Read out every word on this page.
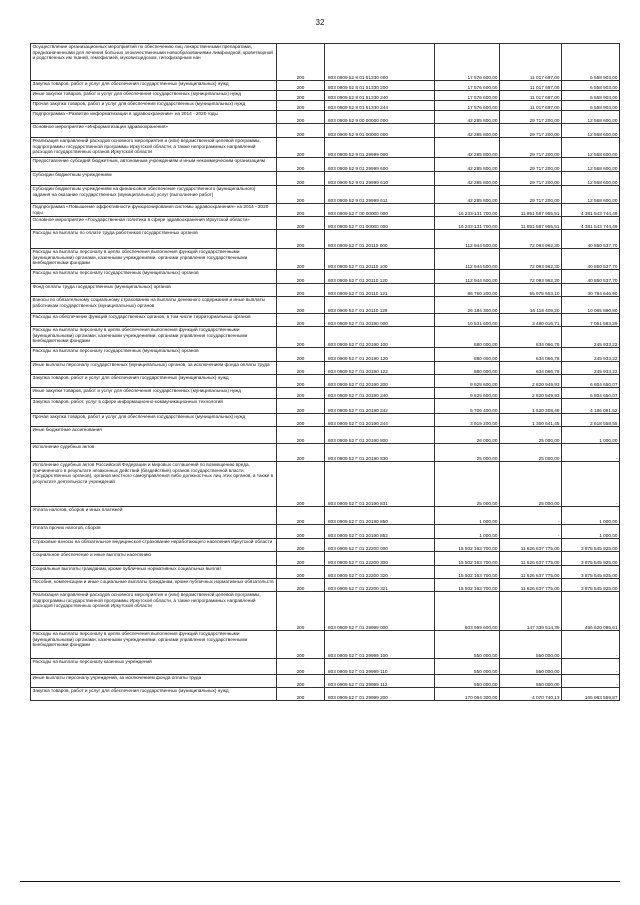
32
Осуществление организационных мероприятий по обеспечению лиц лекарственными препаратами, предназначенными для лечения больных злокачественными новообразованиями лимфоидной, кроветворной и родственных им тканей, гемофилией, муковисцидозом, гипофизарным нан	200	803 0909 52 8 01 51330 000	17 576 600,00	11 017 697,00	6 558 903,00
Закупка товаров, работ и услуг для обеспечения государственных (муниципальных) нужд	200	803 0909 52 8 01 51330 200	17 576 600,00	11 017 697,00	6 558 903,00
Иные закупки товаров, работ и услуг для обеспечения государственных (муниципальных) нужд	200	803 0909 52 8 01 51330 240	17 576 600,00	11 017 697,00	6 558 903,00
Прочая закупка товаров, работ и услуг для обеспечения государственных (муниципальных) нужд	200	803 0909 52 8 01 51330 244	17 576 600,00	11 017 697,00	6 558 903,00
Подпрограмма «Развитие информатизации в здравоохранении» на 2014 - 2020 годы	200	803 0909 52 9 00 00000 000	42 285 800,00	29 717 200,00	12 568 600,00
Основное мероприятие «Информатизация здравоохранения»	200	803 0909 52 9 01 00000 000	42 285 800,00	29 717 200,00	12 568 600,00
Реализация направлений расходов основного мероприятия и (или) ведомственной целевой программы, подпрограммы государственной программы Иркутской области, а также непрограммных направлений расходов государственных органов Иркутской области	200	803 0909 52 9 01 29999 000	42 285 800,00	29 717 200,00	12 568 600,00
Предоставление субсидий бюджетным, автономным учреждениям и иным некоммерческим организациям	200	803 0909 52 9 01 29999 600	42 285 800,00	29 717 200,00	12 568 600,00
Субсидии бюджетным учреждениям	200	803 0909 52 9 01 29999 610	42 285 800,00	29 717 200,00	12 568 600,00
Субсидии бюджетным учреждениям на финансовое обеспечение государственного (муниципального) задания на оказание государственных (муниципальных) услуг (выполнение работ)	200	803 0909 52 9 01 29999 611	42 285 800,00	29 717 200,00	12 568 600,00
Подпрограмма «Повышение эффективности функционирования системы здравоохранения» на 2014 - 2020 годы	200	803 0909 52 Г 00 00000 000	16 233 131 700,00	11 851 587 955,51	4 381 543 744,49
Основное мероприятие «Государственная политика в сфере здравоохранения Иркутской области»	200	803 0909 52 Г 01 00000 000	16 233 131 700,00	11 851 587 955,51	4 381 543 744,49
Расходы на выплаты по оплате труда работников государственных органов	200	803 0909 52 Г 01 20110 000	112 944 500,00	72 093 962,30	40 850 537,70
Расходы на выплаты персоналу в целях обеспечения выполнения функций государственными (муниципальными) органами, казенными учреждениями, органами управления государственными внебюджетными фондами	200	803 0909 52 Г 01 20110 100	112 944 500,00	72 093 962,30	40 850 537,70
Расходы на выплаты персоналу государственных (муниципальных) органов	200	803 0909 52 Г 01 20110 120	112 944 500,00	72 093 962,30	40 850 537,70
Фонд оплаты труда государственных (муниципальных) органов	200	803 0909 52 Г 01 20110 121	86 760 200,00	55 975 553,10	30 784 646,90
Взносы по обязательному социальному страхованию на выплаты денежного содержания и иные выплаты работникам государственных (муниципальных) органов	200	803 0909 52 Г 01 20110 129	26 184 300,00	16 118 409,20	10 065 890,80
Расходы на обеспечение функций государственных органов, в том числе территориальных органов	200	803 0909 52 Г 01 20190 000	10 531 600,00	3 480 016,71	7 051 583,29
Расходы на выплаты персоналу в целях обеспечения выполнения функций государственными (муниципальными) органами, казенными учреждениями, органами управления государственными внебюджетными фондами	200	803 0909 52 Г 01 20190 100	880 000,00	634 066,78	245 933,22
Расходы на выплаты персоналу государственных (муниципальных) органов	200	803 0909 52 Г 01 20190 120	880 000,00	634 066,78	245 933,22
Иные выплаты персоналу государственных (муниципальных) органов, за исключением фонда оплаты труда	200	803 0909 52 Г 01 20190 122	880 000,00	634 066,78	245 933,22
Закупка товаров, работ и услуг для обеспечения государственных (муниципальных) нужд	200	803 0909 52 Г 01 20190 200	9 625 600,00	2 820 949,93	6 804 650,07
Иные закупки товаров, работ и услуг для обеспечения государственных (муниципальных) нужд	200	803 0909 52 Г 01 20190 240	9 625 600,00	2 820 949,93	6 804 650,07
Закупка товаров, работ, услуг в сфере информационно-коммуникационных технологий	200	803 0909 52 Г 01 20190 242	5 706 400,00	1 520 308,48	4 186 091,52
Прочая закупка товаров, работ и услуг для обеспечения государственных (муниципальных) нужд	200	803 0909 52 Г 01 20190 244	3 919 200,00	1 300 641,45	2 618 558,55
Иные бюджетные ассигнования	200	803 0909 52 Г 01 20190 800	26 000,00	25 000,00	1 000,00
Исполнение судебных актов	200	803 0909 52 Г 01 20190 830	25 000,00	25 000,00	-
Исполнение судебных актов Российской Федерации и мировых соглашений по возмещению вреда, причиненного в результате незаконных действий (бездействия) органов государственной власти (государственных органов), органов местного самоуправления либо должностных лиц этих органов, а также в результате деятельности учреждений	200	803 0909 52 Г 01 20190 831	25 000,00	25 000,00	-
Уплата налогов, сборов и иных платежей	200	803 0909 52 Г 01 20190 850	1 000,00	-	1 000,00
Уплата прочих налогов, сборов	200	803 0909 52 Г 01 20190 852	1 000,00	-	1 000,00
Страховые взносы на обязательное медицинское страхование неработающего населения Иркутской области	200	803 0909 52 Г 01 22200 000	15 502 163 700,00	11 626 637 775,00	3 875 545 925,00
Социальное обеспечение и иные выплаты населению	200	803 0909 52 Г 01 22200 300	15 502 163 700,00	11 626 637 775,00	3 875 545 925,00
Социальные выплаты гражданам, кроме публичных нормативных социальных выплат	200	803 0909 52 Г 01 22200 320	15 502 163 700,00	11 626 637 775,00	3 875 545 925,00
Пособия, компенсации и иные социальные выплаты гражданам, кроме публичных нормативных обязательств	200	803 0909 52 Г 01 22200 321	15 502 163 700,00	11 626 637 775,00	3 875 545 925,00
Реализация направлений расходов основного мероприятия и (или) ведомственной целевой программы, подпрограммы государственной программы Иркутской области, а также непрограммных направлений расходов государственных органов Иркутской области	200	803 0909 52 Г 01 29999 000	603 959 600,00	147 339 514,39	456 620 085,61
Расходы на выплаты персоналу в целях обеспечения выполнения функций государственными (муниципальными) органами, казенными учреждениями, органами управления государственными внебюджетными фондами	200	803 0909 52 Г 01 29999 100	550 000,00	550 000,00	-
Расходы на выплаты персоналу казенных учреждений	200	803 0909 52 Г 01 29999 110	550 000,00	550 000,00	-
Иные выплаты персоналу учреждений, за исключением фонда оплаты труда	200	803 0909 52 Г 01 29999 112	550 000,00	550 000,00	-
Закупка товаров, работ и услуг для обеспечения государственных (муниципальных) нужд	200	803 0909 52 Г 01 29999 200	170 054 300,00	4 070 740,13	165 983 559,87
